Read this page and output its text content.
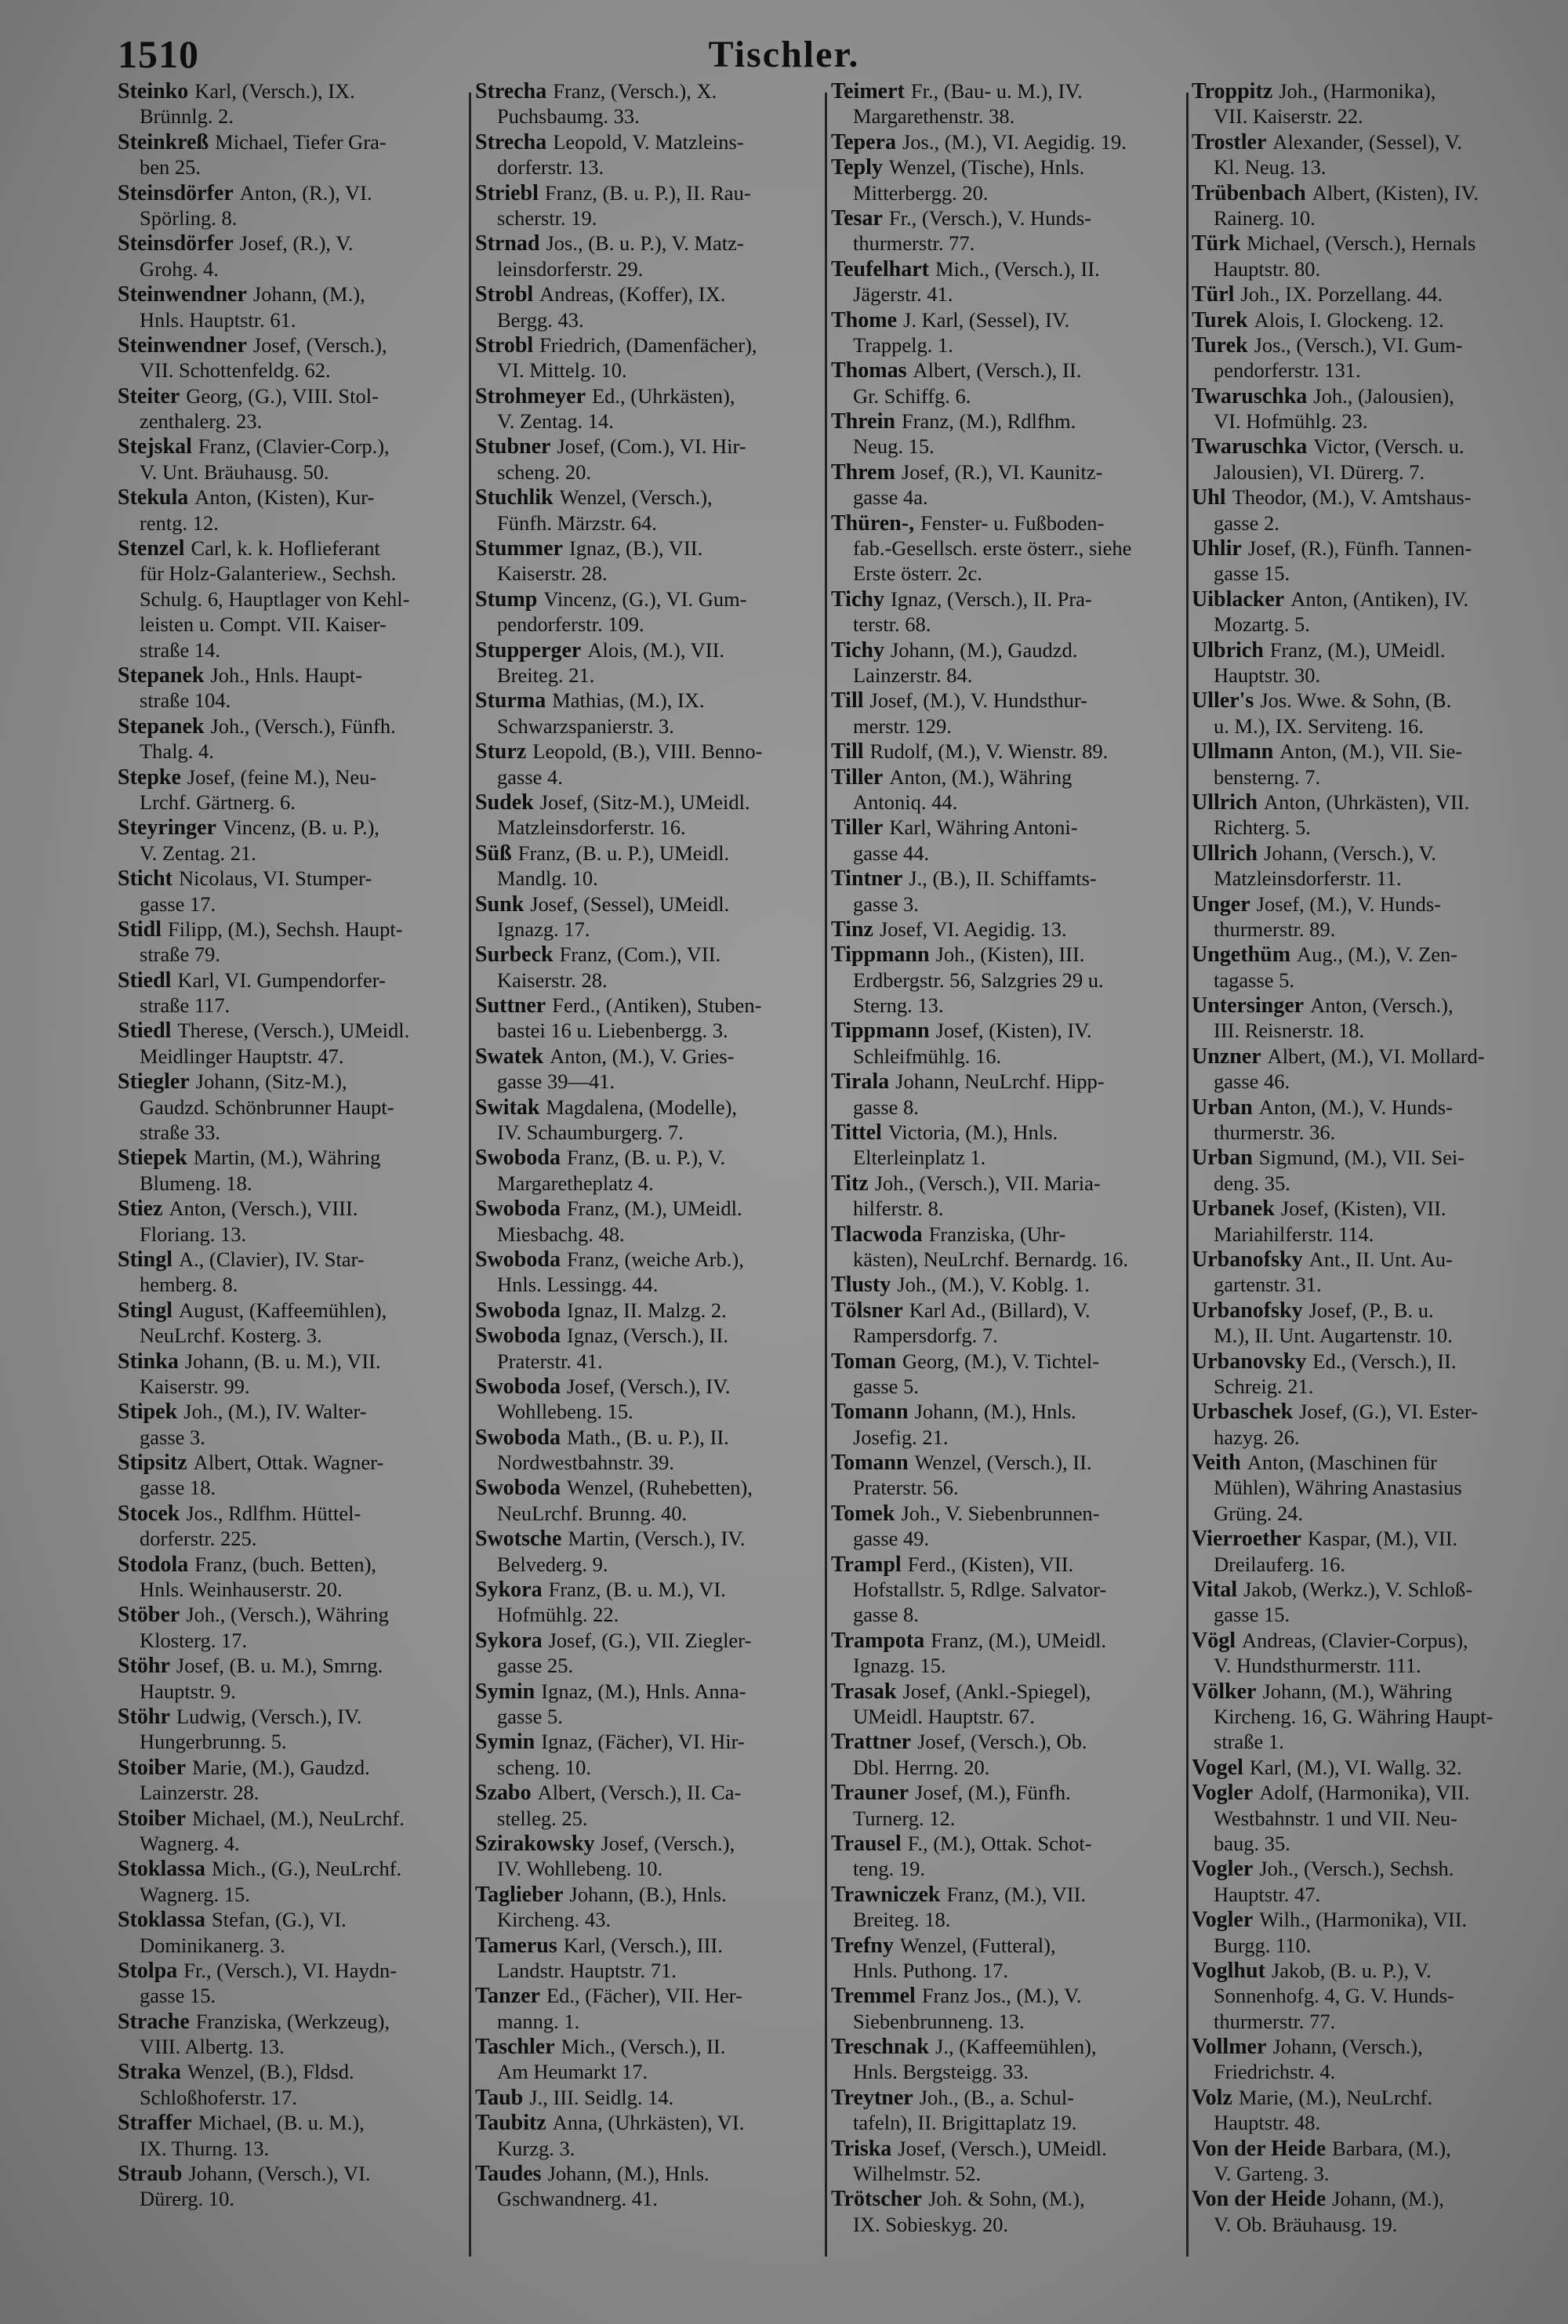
1510	Tischler.
Steinko Karl, (Versch.), IX.
Brünnlg. 2.
Steinkreß Michael, Tiefer Gra-
ben 25.
Steinsdörfer Anton, (R.), VI.
Spörling. 8.
Steinsdörfer Josef, (R.), V.
Grohg. 4.
Steinwendner Johann, (M.),
Hnls. Hauptstr. 61.
Steinwendner Josef, (Versch.),
VII. Schottenfeldg. 62.
Steiter Georg, (G.), VIII. Stol-
zenthalerg. 23.
Stejskal Franz, (Clavier-Corp.),
V. Unt. Bräuhausg. 50.
Stekula Anton, (Kisten), Kur-
rentg. 12.
Stenzel Carl, k. k. Hoflieferant
für Holz-Galanteriew., Sechsh.
Schulg. 6, Hauptlager von Kehl-
leisten u. Compt. VII. Kaiser-
straße 14.
Stepanek Joh., Hnls. Haupt-
straße 104.
Stepanek Joh., (Versch.), Fünfh.
Thalg. 4.
Stepke Josef, (feine M.), Neu-
Lrchf. Gärtnerg. 6.
Steyringer Vincenz, (B. u. P.),
V. Zentag. 21.
Sticht Nicolaus, VI. Stumper-
gasse 17.
Stidl Filipp, (M.), Sechsh. Haupt-
straße 79.
Stiedl Karl, VI. Gumpendorfer-
straße 117.
Stiedl Therese, (Versch.), UMeidl.
Meidlinger Hauptstr. 47.
Stiegler Johann, (Sitz-M.),
Gaudzd. Schönbrunner Haupt-
straße 33.
Stiepek Martin, (M.), Währing
Blumeng. 18.
Stiez Anton, (Versch.), VIII.
Floriang. 13.
Stingl A., (Clavier), IV. Star-
hemberg. 8.
Stingl August, (Kaffeemühlen),
NeuLrchf. Kosterg. 3.
Stinka Johann, (B. u. M.), VII.
Kaiserstr. 99.
Stipek Joh., (M.), IV. Walter-
gasse 3.
Stipsitz Albert, Ottak. Wagner-
gasse 18.
Stocek Jos., Rdlfhm. Hüttel-
dorferstr. 225.
Stodola Franz, (buch. Betten),
Hnls. Weinhauserstr. 20.
Stöber Joh., (Versch.), Währing
Klosterg. 17.
Stöhr Josef, (B. u. M.), Smrng.
Hauptstr. 9.
Stöhr Ludwig, (Versch.), IV.
Hungerbrunng. 5.
Stoiber Marie, (M.), Gaudzd.
Lainzerstr. 28.
Stoiber Michael, (M.), NeuLrchf.
Wagnerg. 4.
Stoklassa Mich., (G.), NeuLrchf.
Wagnerg. 15.
Stoklassa Stefan, (G.), VI.
Dominikanerg. 3.
Stolpa Fr., (Versch.), VI. Haydn-
gasse 15.
Strache Franziska, (Werkzeug),
VIII. Albertg. 13.
Straka Wenzel, (B.), Fldsd.
Schloßhoferstr. 17.
Straffer Michael, (B. u. M.),
IX. Thurng. 13.
Straub Johann, (Versch.), VI.
Dürerg. 10.
Strecha Franz, (Versch.), X.
Puchsbaumg. 33.
Strecha Leopold, V. Matzleins-
dorferstr. 13.
Striebl Franz, (B. u. P.), II. Rau-
scherstr. 19.
Strnad Jos., (B. u. P.), V. Matz-
leinsdorferstr. 29.
Strobl Andreas, (Koffer), IX.
Bergg. 43.
Strobl Friedrich, (Damenfächer),
VI. Mittelg. 10.
Strohmeyer Ed., (Uhrkästen),
V. Zentag. 14.
Stubner Josef, (Com.), VI. Hir-
scheng. 20.
Stuchlik Wenzel, (Versch.),
Fünfh. Märzstr. 64.
Stummer Ignaz, (B.), VII.
Kaiserstr. 28.
Stump Vincenz, (G.), VI. Gum-
pendorferstr. 109.
Stupperger Alois, (M.), VII.
Breiteg. 21.
Sturma Mathias, (M.), IX.
Schwarzspanierstr. 3.
Sturz Leopold, (B.), VIII. Benno-
gasse 4.
Sudek Josef, (Sitz-M.), UMeidl.
Matzleinsdorferstr. 16.
Süß Franz, (B. u. P.), UMeidl.
Mandlg. 10.
Sunk Josef, (Sessel), UMeidl.
Ignazg. 17.
Surbeck Franz, (Com.), VII.
Kaiserstr. 28.
Suttner Ferd., (Antiken), Stuben-
bastei 16 u. Liebenbergg. 3.
Swatek Anton, (M.), V. Gries-
gasse 39—41.
Switak Magdalena, (Modelle),
IV. Schaumburgerg. 7.
Swoboda Franz, (B. u. P.), V.
Margaretheplatz 4.
Swoboda Franz, (M.), UMeidl.
Miesbachg. 48.
Swoboda Franz, (weiche Arb.),
Hnls. Lessingg. 44.
Swoboda Ignaz, II. Malzg. 2.
Swoboda Ignaz, (Versch.), II.
Praterstr. 41.
Swoboda Josef, (Versch.), IV.
Wohllebeng. 15.
Swoboda Math., (B. u. P.), II.
Nordwestbahnstr. 39.
Swoboda Wenzel, (Ruhebetten),
NeuLrchf. Brunng. 40.
Swotsche Martin, (Versch.), IV.
Belvederg. 9.
Sykora Franz, (B. u. M.), VI.
Hofmühlg. 22.
Sykora Josef, (G.), VII. Ziegler-
gasse 25.
Symin Ignaz, (M.), Hnls. Anna-
gasse 5.
Symin Ignaz, (Fächer), VI. Hir-
scheng. 10.
Szabo Albert, (Versch.), II. Ca-
stelleg. 25.
Szirakowsky Josef, (Versch.),
IV. Wohllebeng. 10.
Taglieber Johann, (B.), Hnls.
Kircheng. 43.
Tamerus Karl, (Versch.), III.
Landstr. Hauptstr. 71.
Tanzer Ed., (Fächer), VII. Her-
manng. 1.
Taschler Mich., (Versch.), II.
Am Heumarkt 17.
Taub J., III. Seidlg. 14.
Taubitz Anna, (Uhrkästen), VI.
Kurzg. 3.
Taudes Johann, (M.), Hnls.
Gschwandnerg. 41.
Teimert Fr., (Bau- u. M.), IV.
Margarethenstr. 38.
Tepera Jos., (M.), VI. Aegidig. 19.
Teply Wenzel, (Tische), Hnls.
Mitterbergg. 20.
Tesar Fr., (Versch.), V. Hunds-
thurmerstr. 77.
Teufelhart Mich., (Versch.), II.
Jägerstr. 41.
Thome J. Karl, (Sessel), IV.
Trappelg. 1.
Thomas Albert, (Versch.), II.
Gr. Schiffg. 6.
Threin Franz, (M.), Rdlfhm.
Neug. 15.
Threm Josef, (R.), VI. Kaunitz-
gasse 4a.
Thüren-, Fenster- u. Fußboden-
fab.-Gesellsch. erste österr., siehe
Erste österr. 2c.
Tichy Ignaz, (Versch.), II. Pra-
terstr. 68.
Tichy Johann, (M.), Gaudzd.
Lainzerstr. 84.
Till Josef, (M.), V. Hundsthur-
merstr. 129.
Till Rudolf, (M.), V. Wienstr. 89.
Tiller Anton, (M.), Währing
Antoniq. 44.
Tiller Karl, Währing Antoni-
gasse 44.
Tintner J., (B.), II. Schiffamts-
gasse 3.
Tinz Josef, VI. Aegidig. 13.
Tippmann Joh., (Kisten), III.
Erdbergstr. 56, Salzgries 29 u.
Sterng. 13.
Tippmann Josef, (Kisten), IV.
Schleifmühlg. 16.
Tirala Johann, NeuLrchf. Hipp-
gasse 8.
Tittel Victoria, (M.), Hnls.
Elterleinplatz 1.
Titz Joh., (Versch.), VII. Maria-
hilferstr. 8.
Tlacwoda Franziska, (Uhr-
kästen), NeuLrchf. Bernardg. 16.
Tlusty Joh., (M.), V. Koblg. 1.
Tölsner Karl Ad., (Billard), V.
Rampersdorfg. 7.
Toman Georg, (M.), V. Tichtel-
gasse 5.
Tomann Johann, (M.), Hnls.
Josefig. 21.
Tomann Wenzel, (Versch.), II.
Praterstr. 56.
Tomek Joh., V. Siebenbrunnen-
gasse 49.
Trampl Ferd., (Kisten), VII.
Hofstallstr. 5, Rdlge. Salvator-
gasse 8.
Trampota Franz, (M.), UMeidl.
Ignazg. 15.
Trasak Josef, (Ankl.-Spiegel),
UMeidl. Hauptstr. 67.
Trattner Josef, (Versch.), Ob.
Dbl. Herrng. 20.
Trauner Josef, (M.), Fünfh.
Turnerg. 12.
Trausel F., (M.), Ottak. Schot-
teng. 19.
Trawniczek Franz, (M.), VII.
Breiteg. 18.
Trefny Wenzel, (Futteral),
Hnls. Puthong. 17.
Tremmel Franz Jos., (M.), V.
Siebenbrunneng. 13.
Treschnak J., (Kaffeemühlen),
Hnls. Bergsteigg. 33.
Treytner Joh., (B., a. Schul-
tafeln), II. Brigittaplatz 19.
Triska Josef, (Versch.), UMeidl.
Wilhelmstr. 52.
Trötscher Joh. & Sohn, (M.),
IX. Sobieskyg. 20.
Troppitz Joh., (Harmonika),
VII. Kaiserstr. 22.
Trostler Alexander, (Sessel), V.
Kl. Neug. 13.
Trübenbach Albert, (Kisten), IV.
Rainerg. 10.
Türk Michael, (Versch.), Hernals
Hauptstr. 80.
Türl Joh., IX. Porzellang. 44.
Turek Alois, I. Glockeng. 12.
Turek Jos., (Versch.), VI. Gum-
pendorferstr. 131.
Twaruschka Joh., (Jalousien),
VI. Hofmühlg. 23.
Twaruschka Victor, (Versch. u.
Jalousien), VI. Dürerg. 7.
Uhl Theodor, (M.), V. Amtshaus-
gasse 2.
Uhlir Josef, (R.), Fünfh. Tannen-
gasse 15.
Uiblacker Anton, (Antiken), IV.
Mozartg. 5.
Ulbrich Franz, (M.), UMeidl.
Hauptstr. 30.
Uller's Jos. Wwe. & Sohn, (B.
u. M.), IX. Serviteng. 16.
Ullmann Anton, (M.), VII. Sie-
bensterng. 7.
Ullrich Anton, (Uhrkästen), VII.
Richterg. 5.
Ullrich Johann, (Versch.), V.
Matzleinsdorferstr. 11.
Unger Josef, (M.), V. Hunds-
thurmerstr. 89.
Ungethüm Aug., (M.), V. Zen-
tagasse 5.
Untersinger Anton, (Versch.),
III. Reisnerstr. 18.
Unzner Albert, (M.), VI. Mollard-
gasse 46.
Urban Anton, (M.), V. Hunds-
thurmerstr. 36.
Urban Sigmund, (M.), VII. Sei-
deng. 35.
Urbanek Josef, (Kisten), VII.
Mariahilferstr. 114.
Urbanofsky Ant., II. Unt. Au-
gartenstr. 31.
Urbanofsky Josef, (P., B. u.
M.), II. Unt. Augartenstr. 10.
Urbanovsky Ed., (Versch.), II.
Schreig. 21.
Urbaschek Josef, (G.), VI. Ester-
hazyg. 26.
Veith Anton, (Maschinen für
Mühlen), Währing Anastasius
Grüng. 24.
Vierroether Kaspar, (M.), VII.
Dreilauferg. 16.
Vital Jakob, (Werkz.), V. Schloß-
gasse 15.
Vögl Andreas, (Clavier-Corpus),
V. Hundsthurmerstr. 111.
Völker Johann, (M.), Währing
Kircheng. 16, G. Währing Haupt-
straße 1.
Vogel Karl, (M.), VI. Wallg. 32.
Vogler Adolf, (Harmonika), VII.
Westbahnstr. 1 und VII. Neu-
baug. 35.
Vogler Joh., (Versch.), Sechsh.
Hauptstr. 47.
Vogler Wilh., (Harmonika), VII.
Burgg. 110.
Voglhut Jakob, (B. u. P.), V.
Sonnenhofg. 4, G. V. Hunds-
thurmerstr. 77.
Vollmer Johann, (Versch.),
Friedrichstr. 4.
Volz Marie, (M.), NeuLrchf.
Hauptstr. 48.
Von der Heide Barbara, (M.),
V. Garteng. 3.
Von der Heide Johann, (M.),
V. Ob. Bräuhausg. 19.
